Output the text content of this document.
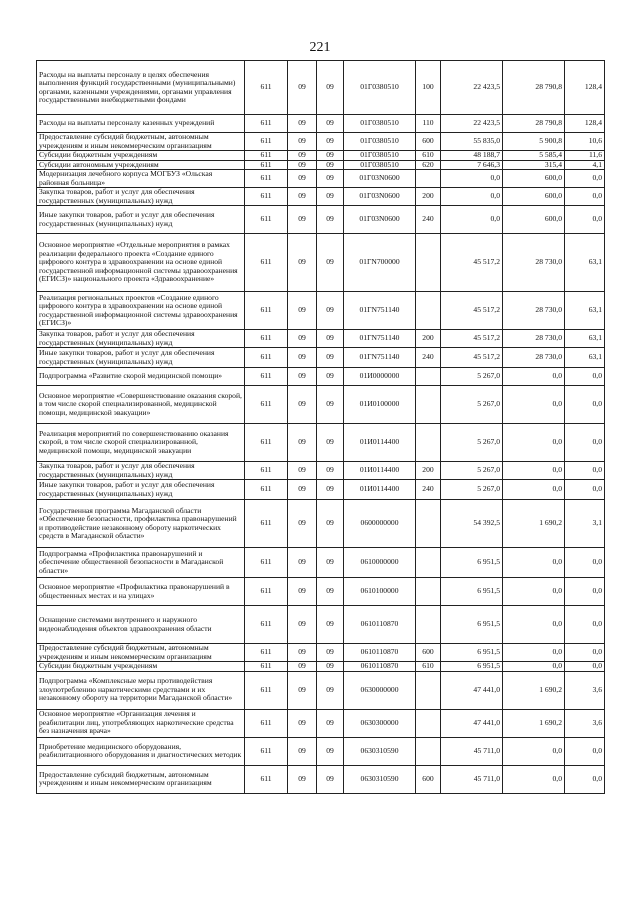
221
Расходы на выплаты персоналу в целях обеспечения выполнения функций государственными (муниципальными) органами, казенными учреждениями, органами управления государственными внебюджетными фондами	611	09	09	01Г0380510	100	22 423,5	28 790,8	128,4
Расходы на выплаты персоналу казенных учреждений	611	09	09	01Г0380510	110	22 423,5	28 790,8	128,4
Предоставление субсидий бюджетным, автономным учреждениям и иным некоммерческим организациям	611	09	09	01Г0380510	600	55 835,0	5 900,8	10,6
Субсидии бюджетным учреждениям	611	09	09	01Г0380510	610	48 188,7	5 585,4	11,6
Субсидии автономным учреждениям	611	09	09	01Г0380510	620	7 646,3	315,4	4,1
Модернизация лечебного корпуса МОГБУЗ «Ольская районная больница»	611	09	09	01Г03N0600		0,0	600,0	0,0
Закупка товаров, работ и услуг для обеспечения государственных (муниципальных) нужд	611	09	09	01Г03N0600	200	0,0	600,0	0,0
Иные закупки товаров, работ и услуг для обеспечения государственных (муниципальных) нужд	611	09	09	01Г03N0600	240	0,0	600,0	0,0
Основное мероприятие «Отдельные мероприятия в рамках реализации федерального проекта «Создание единого цифрового контура в здравоохранении на основе единой государственной информационной системы здравоохранения (ЕГИСЗ)» национального проекта «Здравоохранение»	611	09	09	01ГN700000		45 517,2	28 730,0	63,1
Реализация региональных проектов «Создание единого цифрового контура в здравоохранении на основе единой государственной информационной системы здравоохранения (ЕГИСЗ)»	611	09	09	01ГN751140		45 517,2	28 730,0	63,1
Закупка товаров, работ и услуг для обеспечения государственных (муниципальных) нужд	611	09	09	01ГN751140	200	45 517,2	28 730,0	63,1
Иные закупки товаров, работ и услуг для обеспечения государственных (муниципальных) нужд	611	09	09	01ГN751140	240	45 517,2	28 730,0	63,1
Подпрограмма «Развитие скорой медицинской помощи»	611	09	09	01И0000000		5 267,0	0,0	0,0
Основное мероприятие «Совершенствование оказания скорой, в том числе скорой специализированной, медицинской помощи, медицинской эвакуации»	611	09	09	01И0100000		5 267,0	0,0	0,0
Реализация мероприятий по совершенствованию оказания скорой, в том числе скорой специализированной, медицинской помощи, медицинской эвакуации	611	09	09	01И0114400		5 267,0	0,0	0,0
Закупка товаров, работ и услуг для обеспечения государственных (муниципальных) нужд	611	09	09	01И0114400	200	5 267,0	0,0	0,0
Иные закупки товаров, работ и услуг для обеспечения государственных (муниципальных) нужд	611	09	09	01И0114400	240	5 267,0	0,0	0,0
Государственная программа Магаданской области «Обеспечение безопасности, профилактика правонарушений и противодействие незаконному обороту наркотических средств в Магаданской области»	611	09	09	0600000000		54 392,5	1 690,2	3,1
Подпрограмма «Профилактика правонарушений и обеспечение общественной безопасности в Магаданской области»	611	09	09	0610000000		6 951,5	0,0	0,0
Основное мероприятие «Профилактика правонарушений в общественных местах и на улицах»	611	09	09	0610100000		6 951,5	0,0	0,0
Оснащение системами внутреннего и наружного видеонаблюдения объектов здравоохранения области	611	09	09	0610110870		6 951,5	0,0	0,0
Предоставление субсидий бюджетным, автономным учреждениям и иным некоммерческим организациям	611	09	09	0610110870	600	6 951,5	0,0	0,0
Субсидии бюджетным учреждениям	611	09	09	0610110870	610	6 951,5	0,0	0,0
Подпрограмма «Комплексные меры противодействия злоупотреблению наркотическими средствами и их незаконному обороту на территории Магаданской области»	611	09	09	0630000000		47 441,0	1 690,2	3,6
Основное мероприятие «Организация лечения и реабилитации лиц, употребляющих наркотические средства без назначения врача»	611	09	09	0630300000		47 441,0	1 690,2	3,6
Приобретение медицинского оборудования, реабилитационного оборудования и диагностических методик	611	09	09	0630310590		45 711,0	0,0	0,0
Предоставление субсидий бюджетным, автономным учреждениям и иным некоммерческим организациям	611	09	09	0630310590	600	45 711,0	0,0	0,0
